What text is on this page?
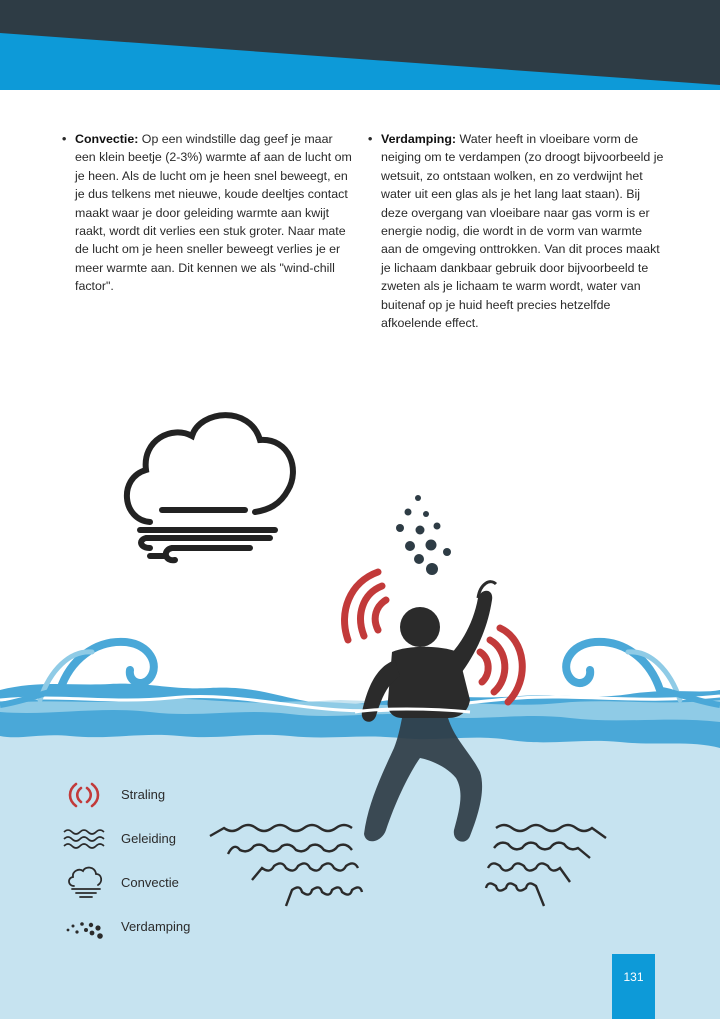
• Convectie: Op een windstille dag geef je maar een klein beetje (2-3%) warmte af aan de lucht om je heen. Als de lucht om je heen snel beweegt, en je dus telkens met nieuwe, koude deeltjes contact maakt waar je door geleiding warmte aan kwijt raakt, wordt dit verlies een stuk groter. Naar mate de lucht om je heen sneller beweegt verlies je er meer warmte aan. Dit kennen we als "wind-chill factor".

• Verdamping: Water heeft in vloeibare vorm de neiging om te verdampen (zo droogt bijvoorbeeld je wetsuit, zo ontstaan wolken, en zo verdwijnt het water uit een glas als je het lang laat staan). Bij deze overgang van vloeibare naar gas vorm is er energie nodig, die wordt in de vorm van warmte aan de omgeving onttrokken. Van dit proces maakt je lichaam dankbaar gebruik door bijvoorbeeld te zweten als je lichaam te warm wordt, water van buitenaf op je huid heeft precies hetzelfde afkoelende effect.

Straling
Geleiding
Convectie
Verdamping
131
